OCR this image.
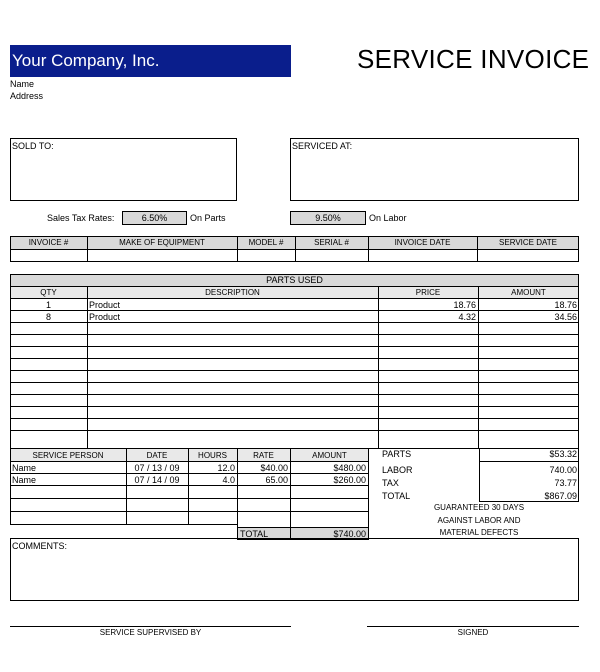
Your Company, Inc.
Name
Address
SERVICE INVOICE
SOLD TO:	SERVICED AT:
Sales Tax Rates:	6.50%	On Parts	9.50%	On Labor
INVOICE #	MAKE OF EQUIPMENT	MODEL #	SERIAL #	INVOICE DATE	SERVICE DATE
PARTS USED
QTY	DESCRIPTION	PRICE	AMOUNT
1	Product	18.76	18.76
8	Product	4.32	34.56
SERVICE PERSON	DATE	HOURS	RATE	AMOUNT
Name	07 / 13 / 09	12.0	$40.00	$480.00
Name	07 / 14 / 09	4.0	65.00	$260.00
TOTAL	$740.00
PARTS	$53.32
LABOR	740.00
TAX	73.77
TOTAL	$867.09
GUARANTEED 30 DAYS
AGAINST LABOR AND
MATERIAL DEFECTS
COMMENTS:
SERVICE SUPERVISED BY	SIGNED
